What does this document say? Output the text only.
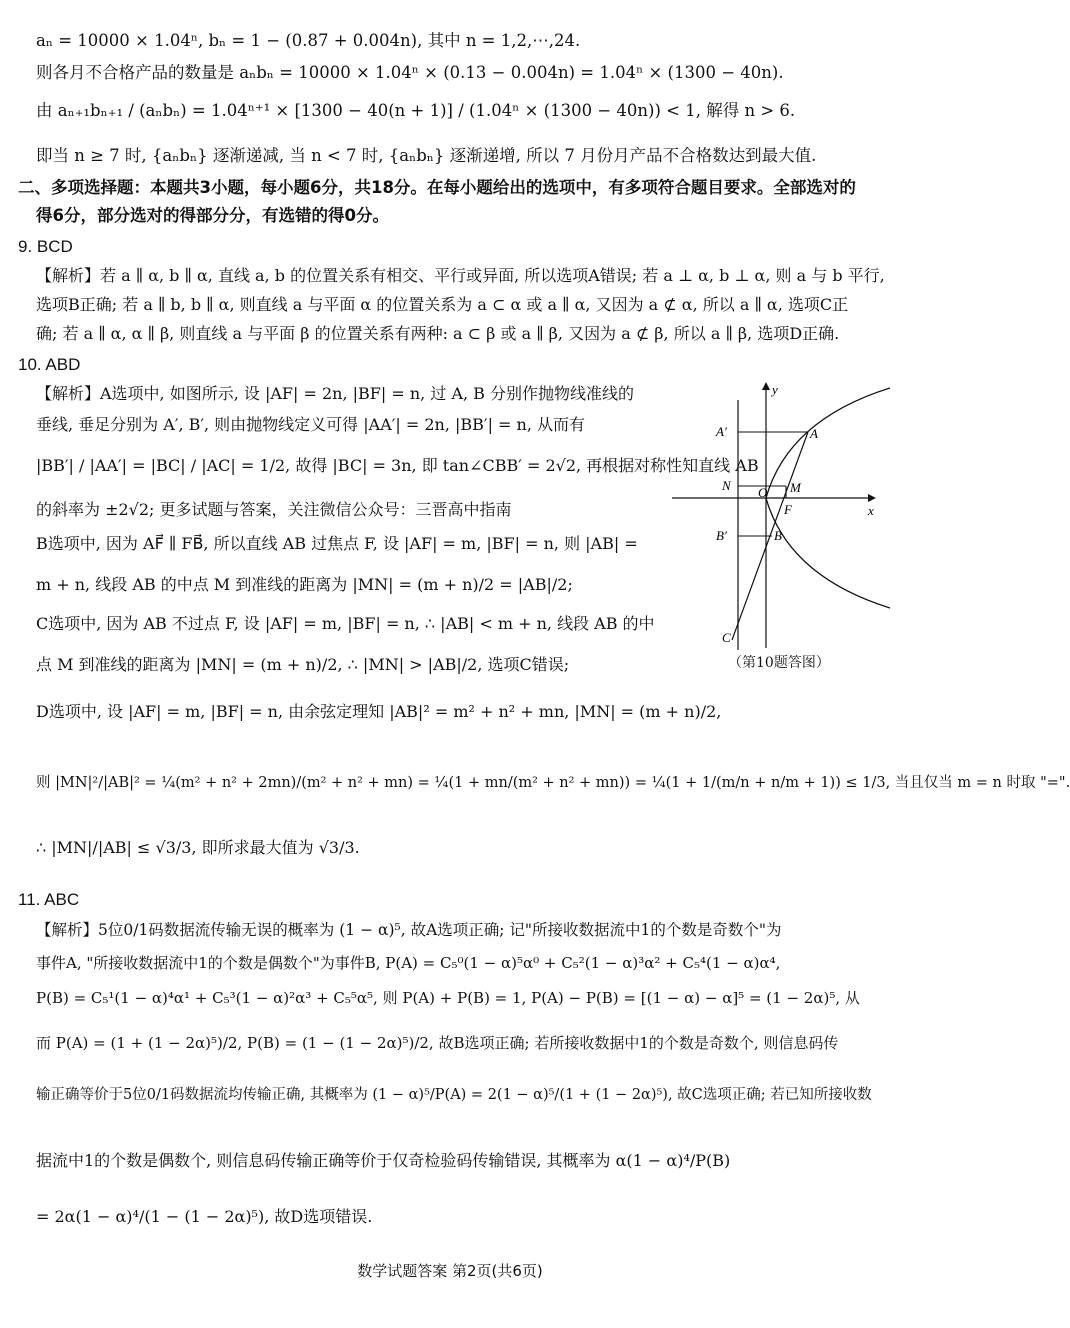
aₙ = 10000 × 1.04ⁿ, bₙ = 1 − (0.87 + 0.004n), 其中 n = 1,2,⋯,24.
则各月不合格产品的数量是 aₙbₙ = 10000 × 1.04ⁿ × (0.13 − 0.004n) = 1.04ⁿ × (1300 − 40n).
由 aₙ₊₁bₙ₊₁ / (aₙbₙ) = 1.04ⁿ⁺¹ × [1300 − 40(n + 1)] / (1.04ⁿ × (1300 − 40n)) < 1, 解得 n > 6.
即当 n ≥ 7 时, {aₙbₙ} 逐渐递减, 当 n < 7 时, {aₙbₙ} 逐渐递增, 所以 7 月份月产品不合格数达到最大值.
二、多项选择题：本题共3小题，每小题6分，共18分。在每小题给出的选项中，有多项符合题目要求。全部选对的
得6分，部分选对的得部分分，有选错的得0分。
9. BCD
【解析】若 a ∥ α, b ∥ α, 直线 a, b 的位置关系有相交、平行或异面, 所以选项A错误; 若 a ⊥ α, b ⊥ α, 则 a 与 b 平行,
选项B正确; 若 a ∥ b, b ∥ α, 则直线 a 与平面 α 的位置关系为 a ⊂ α 或 a ∥ α, 又因为 a ⊄ α, 所以 a ∥ α, 选项C正
确; 若 a ∥ α, α ∥ β, 则直线 a 与平面 β 的位置关系有两种: a ⊂ β 或 a ∥ β, 又因为 a ⊄ β, 所以 a ∥ β, 选项D正确.
10. ABD
【解析】A选项中, 如图所示, 设 |AF| = 2n, |BF| = n, 过 A, B 分别作抛物线准线的
垂线, 垂足分别为 A′, B′, 则由抛物线定义可得 |AA′| = 2n, |BB′| = n, 从而有
|BB′| / |AA′| = |BC| / |AC| = 1/2, 故得 |BC| = 3n, 即 tan∠CBB′ = 2√2, 再根据对称性知直线 AB
的斜率为 ±2√2; 更多试题与答案，关注微信公众号：三晋高中指南
B选项中, 因为 AF⃗ ∥ FB⃗, 所以直线 AB 过焦点 F, 设 |AF| = m, |BF| = n, 则 |AB| =
m + n, 线段 AB 的中点 M 到准线的距离为 |MN| = (m + n)/2 = |AB|/2;
C选项中, 因为 AB 不过点 F, 设 |AF| = m, |BF| = n, ∴ |AB| < m + n, 线段 AB 的中
点 M 到准线的距离为 |MN| = (m + n)/2, ∴ |MN| > |AB|/2, 选项C错误;
D选项中, 设 |AF| = m, |BF| = n, 由余弦定理知 |AB|² = m² + n² + mn, |MN| = (m + n)/2,
则 |MN|²/|AB|² = ¼(m² + n² + 2mn)/(m² + n² + mn) = ¼(1 + mn/(m² + n² + mn)) = ¼(1 + 1/(m/n + n/m + 1)) ≤ 1/3, 当且仅当 m = n 时取 "=".
∴ |MN|/|AB| ≤ √3/3, 即所求最大值为 √3/3.
11. ABC
【解析】5位0/1码数据流传输无误的概率为 (1 − α)⁵, 故A选项正确; 记"所接收数据流中1的个数是奇数个"为
事件A, "所接收数据流中1的个数是偶数个"为事件B, P(A) = C₅⁰(1 − α)⁵α⁰ + C₅²(1 − α)³α² + C₅⁴(1 − α)α⁴,
P(B) = C₅¹(1 − α)⁴α¹ + C₅³(1 − α)²α³ + C₅⁵α⁵, 则 P(A) + P(B) = 1, P(A) − P(B) = [(1 − α) − α]⁵ = (1 − 2α)⁵, 从
而 P(A) = (1 + (1 − 2α)⁵)/2, P(B) = (1 − (1 − 2α)⁵)/2, 故B选项正确; 若所接收数据中1的个数是奇数个, 则信息码传
输正确等价于5位0/1码数据流均传输正确, 其概率为 (1 − α)⁵/P(A) = 2(1 − α)⁵/(1 + (1 − 2α)⁵), 故C选项正确; 若已知所接收数
据流中1的个数是偶数个, 则信息码传输正确等价于仅奇检验码传输错误, 其概率为 α(1 − α)⁴/P(B)
= 2α(1 − α)⁴/(1 − (1 − 2α)⁵), 故D选项错误.
x
y
A′	A
N O M
F
B′	B
C
（第10题答图）
数学试题答案 第2页(共6页)
